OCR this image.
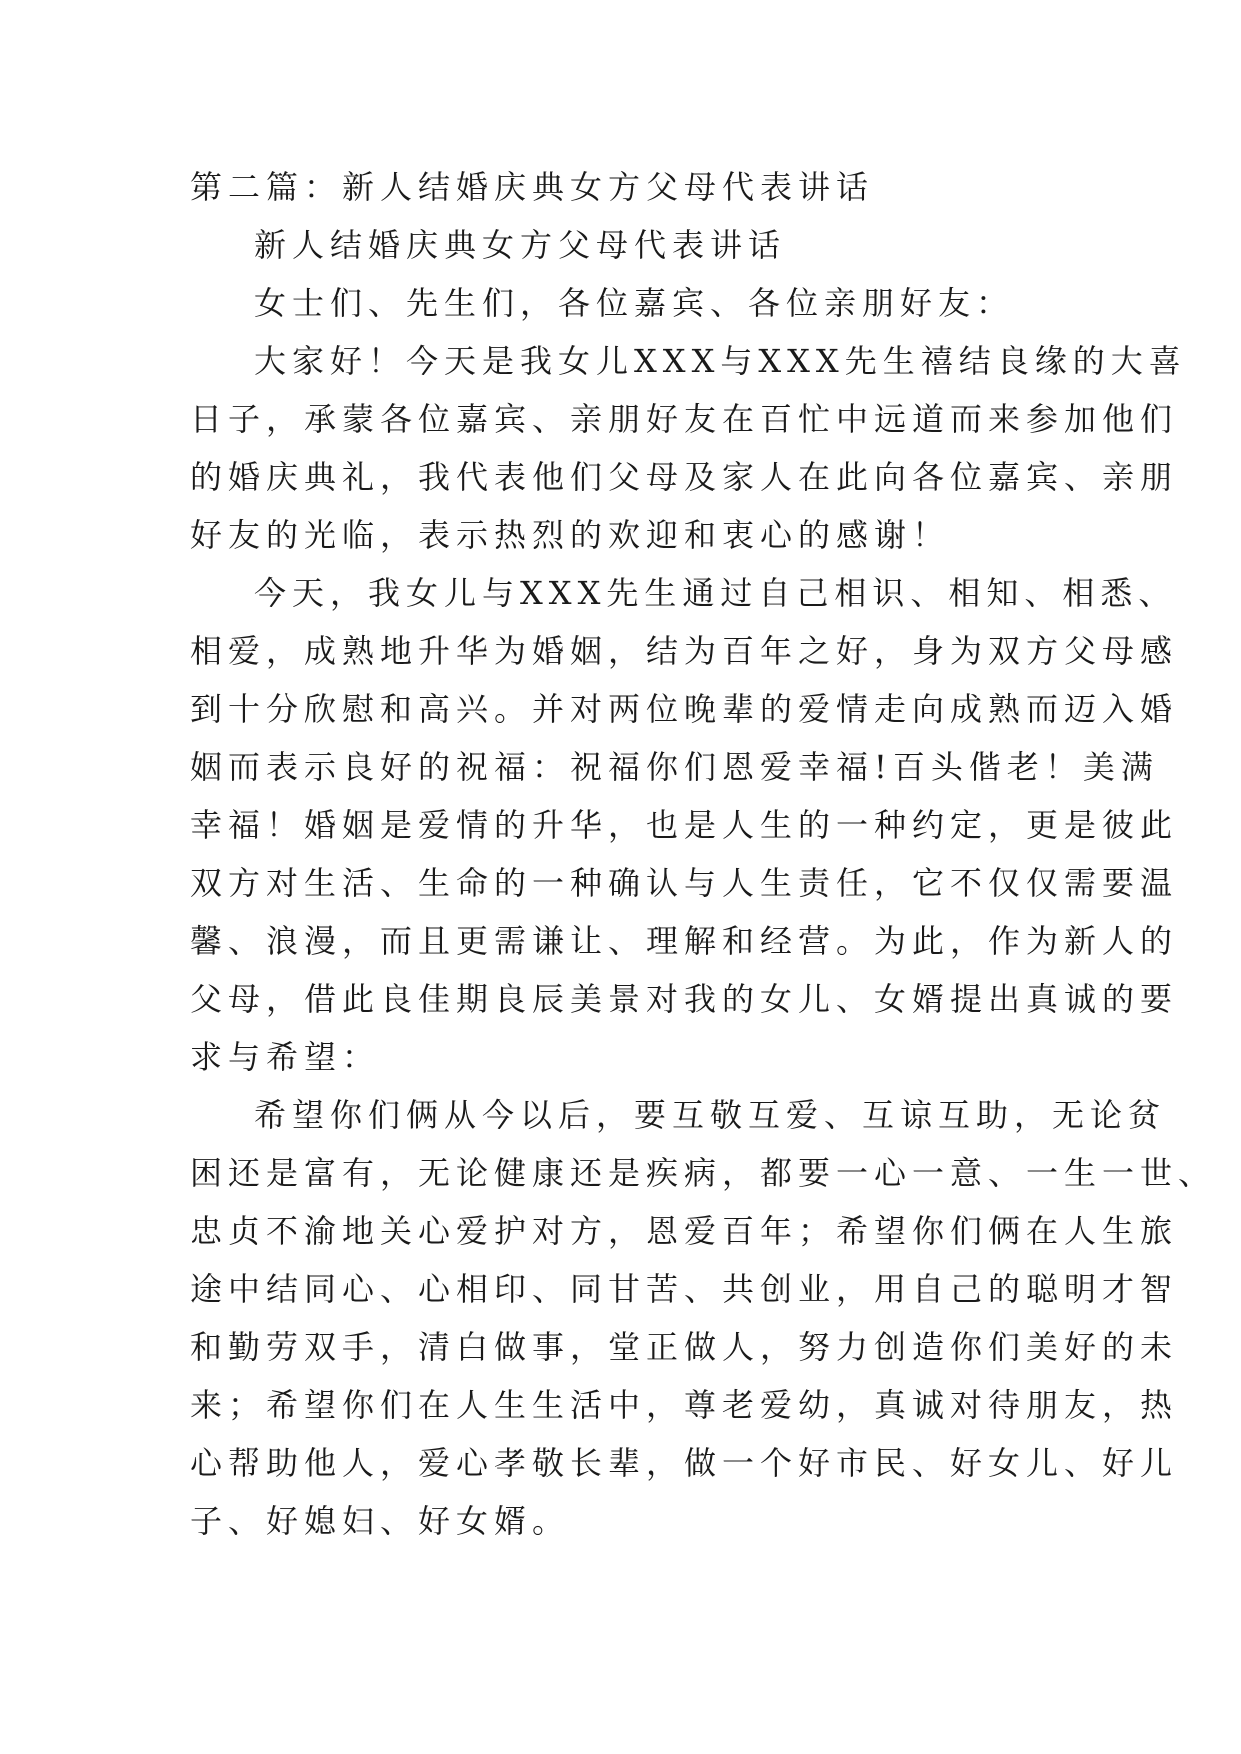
第二篇：新人结婚庆典女方父母代表讲话
新人结婚庆典女方父母代表讲话
女士们、先生们，各位嘉宾、各位亲朋好友：
大家好！今天是我女儿XXX与XXX先生禧结良缘的大喜
日子，承蒙各位嘉宾、亲朋好友在百忙中远道而来参加他们
的婚庆典礼，我代表他们父母及家人在此向各位嘉宾、亲朋
好友的光临，表示热烈的欢迎和衷心的感谢！
今天，我女儿与XXX先生通过自己相识、相知、相悉、
相爱，成熟地升华为婚姻，结为百年之好，身为双方父母感
到十分欣慰和高兴。并对两位晚辈的爱情走向成熟而迈入婚
姻而表示良好的祝福：祝福你们恩爱幸福!百头偕老！美满
幸福！婚姻是爱情的升华，也是人生的一种约定，更是彼此
双方对生活、生命的一种确认与人生责任，它不仅仅需要温
馨、浪漫，而且更需谦让、理解和经营。为此，作为新人的
父母，借此良佳期良辰美景对我的女儿、女婿提出真诚的要
求与希望：
希望你们俩从今以后，要互敬互爱、互谅互助，无论贫
困还是富有，无论健康还是疾病，都要一心一意、一生一世、
忠贞不渝地关心爱护对方，恩爱百年；希望你们俩在人生旅
途中结同心、心相印、同甘苦、共创业，用自己的聪明才智
和勤劳双手，清白做事，堂正做人，努力创造你们美好的未
来；希望你们在人生生活中，尊老爱幼，真诚对待朋友，热
心帮助他人，爱心孝敬长辈，做一个好市民、好女儿、好儿
子、好媳妇、好女婿。
